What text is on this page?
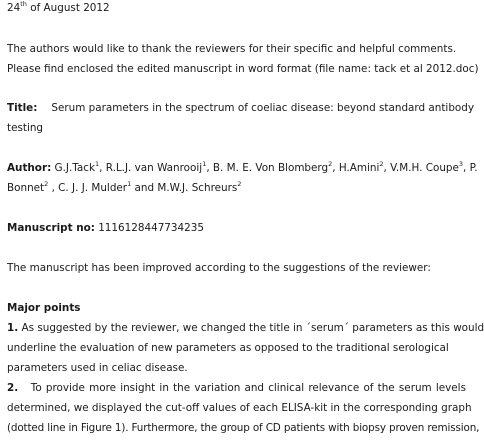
24th of August 2012
The authors would like to thank the reviewers for their specific and helpful comments.
Please find enclosed the edited manuscript in word format (file name: tack et al 2012.doc)
Title: Serum parameters in the spectrum of coeliac disease: beyond standard antibody
testing
Author: G.J.Tack$^1$, R.L.J. van Wanrooij$^1$, B. M. E. Von Blomberg$^2$, H.Amini$^2$, V.M.H. Coupe$^3$, P.
Bonnet$^2$ , C. J. J. Mulder$^1$ and M.W.J. Schreurs$^2$
Manuscript no: 1116128447734235
The manuscript has been improved according to the suggestions of the reviewer:
Major points
1. As suggested by the reviewer, we changed the title in ´serum´ parameters as this would
underline the evaluation of new parameters as opposed to the traditional serological
parameters used in celiac disease.
2. To provide more insight in the variation and clinical relevance of the serum levels
determined, we displayed the cut-off values of each ELISA-kit in the corresponding graph
(dotted line in Figure 1). Furthermore, the group of CD patients with biopsy proven remission,
